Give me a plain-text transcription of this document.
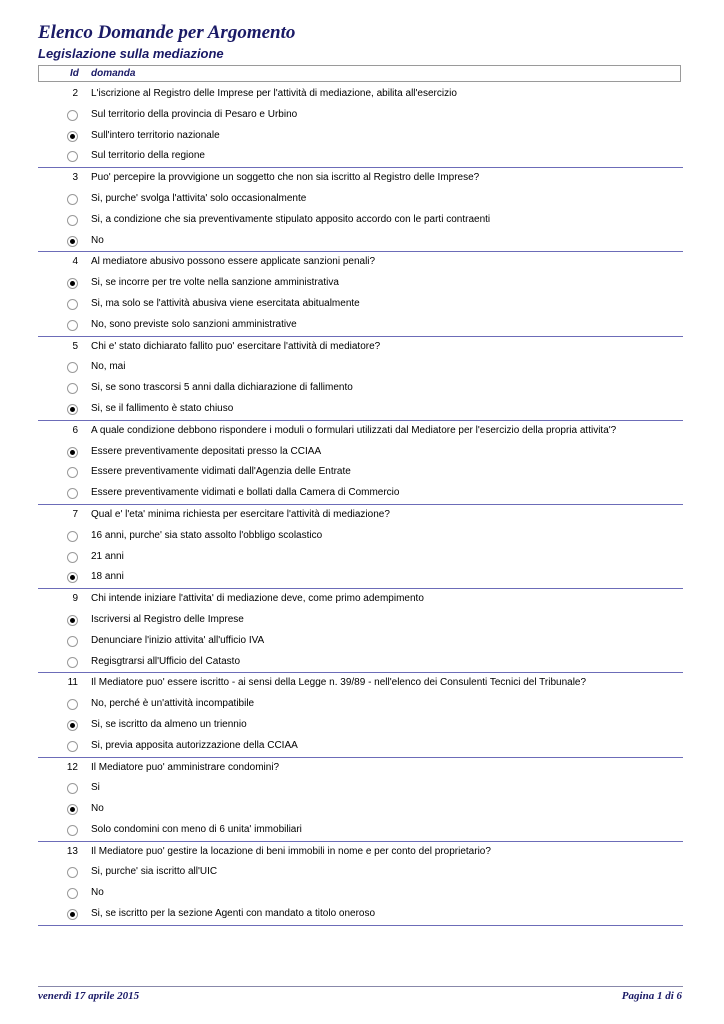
Elenco Domande per Argomento
Legislazione sulla mediazione
Id domanda
2 L'iscrizione al Registro delle Imprese per l'attività di mediazione, abilita all'esercizio
Sul territorio della provincia di Pesaro e Urbino
Sull'intero territorio nazionale
Sul territorio della regione
3 Puo' percepire la provvigione un soggetto che non sia iscritto al Registro delle Imprese?
Si, purche' svolga l'attivita' solo occasionalmente
Si, a condizione che sia preventivamente stipulato apposito accordo con le parti contraenti
No
4 Al mediatore abusivo possono essere applicate sanzioni penali?
Si, se incorre per tre volte nella sanzione amministrativa
Si, ma solo se l'attività abusiva viene esercitata abitualmente
No, sono previste solo sanzioni amministrative
5 Chi e' stato dichiarato fallito puo' esercitare l'attività di mediatore?
No, mai
Si, se sono trascorsi 5 anni dalla dichiarazione di fallimento
Si, se il fallimento è stato chiuso
6 A quale condizione debbono rispondere i moduli o formulari utilizzati dal Mediatore per l'esercizio della propria attivita'?
Essere preventivamente depositati presso la CCIAA
Essere preventivamente vidimati dall'Agenzia delle Entrate
Essere preventivamente vidimati e bollati dalla Camera di Commercio
7 Qual e' l'eta' minima richiesta per esercitare l'attività di mediazione?
16 anni, purche' sia stato assolto l'obbligo scolastico
21 anni
18 anni
9 Chi intende iniziare l'attivita' di mediazione deve, come primo adempimento
Iscriversi al Registro delle Imprese
Denunciare l'inizio attivita' all'ufficio IVA
Regisgtrarsi all'Ufficio del Catasto
11 Il Mediatore puo' essere iscritto - ai sensi della Legge n. 39/89 - nell'elenco dei Consulenti Tecnici del Tribunale?
No, perché è un'attività incompatibile
Si, se iscritto da almeno un triennio
Si, previa apposita autorizzazione della CCIAA
12 Il Mediatore puo' amministrare condomini?
Si
No
Solo condomini con meno di 6 unita' immobiliari
13 Il Mediatore puo' gestire la locazione di beni immobili in nome e per conto del proprietario?
Si, purche' sia iscritto all'UIC
No
Si, se iscritto per la sezione Agenti con mandato a titolo oneroso
venerdì 17 aprile 2015	Pagina 1 di 6
